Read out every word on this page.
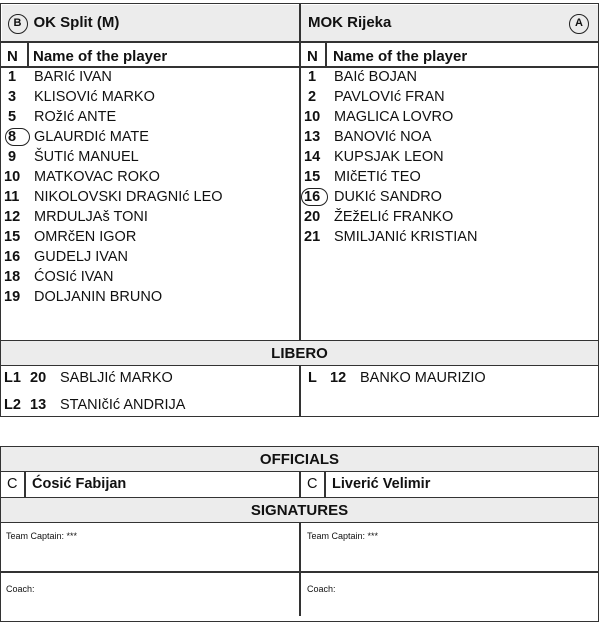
B OK Split (M)	MOK Rijeka	A
N Name of the player	N Name of the player
1	BARIć IVAN
3	KLISOVIć MARKO
5	ROžIć ANTE
8	GLAURDIć MATE
9	ŠUTIć MANUEL
10 MATKOVAC ROKO
11	NIKOLOVSKI DRAGNIć LEO
12 MRDULJAš TONI
15 OMRčEN IGOR
16 GUDELJ IVAN
18 ĆOSIć IVAN
19 DOLJANIN BRUNO
1	BAIć BOJAN
2	PAVLOVIć FRAN
10 MAGLICA LOVRO
13 BANOVIć NOA
14 KUPSJAK LEON
15 MIčETIć TEO
16 DUKIć SANDRO
20 ŽEžELIć FRANKO
21 SMILJANIć KRISTIAN
LIBERO
L1 20 SABLJIć MARKO
L2 13 STANIčIć ANDRIJA
L 12 BANKO MAURIZIO
OFFICIALS
C Ćosić Fabijan	C Liverić Velimir
SIGNATURES
Team Captain: ***	Team Captain: ***
Coach:	Coach:
